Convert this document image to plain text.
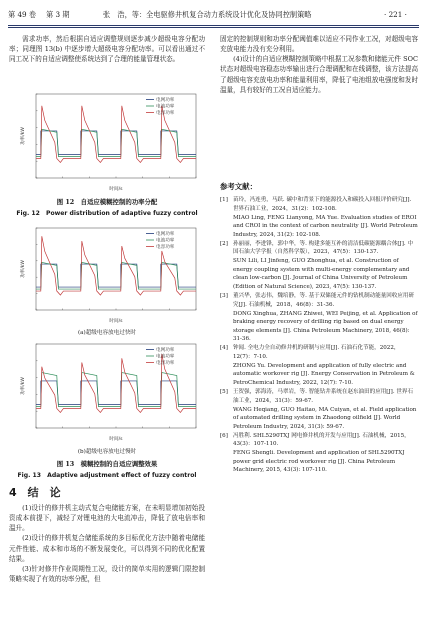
第 49 卷 第 3 期	张　浩，等：全电驱修井机复合动力系统设计优化及协同控制策略	· 221 ·

需求功率，然后根据自适应调整规则逐步减少超级电容分配功率；同理图 13(b) 中逐步增大超级电容分配功率。可以看出通过不同工况下的自适应调整使系统达到了合理的能量管理状态。

功率/kW
时间/s
电网功率
电池功率
电容功率
图 12　自适应模糊控制的功率分配
Fig. 12　Power distribution of adaptive fuzzy control
功率/kW
时间/s
电网功率
电池功率
电容功率
(a)超级电容放电过快时
功率/kW
时间/s
电网功率
电池功率
电容功率
(b)超级电容放电过慢时
图 13　模糊控制的自适应调整效果
Fig. 13　Adaptive adjustment effect of fuzzy control
4　结　论

(1)设计的修井机主动式复合电储能方案，在未明显增加初始投资成本前提下，减轻了对锂电池的大电流冲击，降低了放电倍率和温升。

(2)设计的修井机复合储能系统的多目标优化方法中随着电储能元件性能、成本和市场的不断发展变化，可以得到不同的优化配置结果。

(3)针对修井作业周期性工况，设计的简单实用的逻辑门限控制策略实现了有效的功率分配，但

固定的控制规则和功率分配阈值难以适应不同作业工况，对超级电容充放电能力没有充分利用。

(4)设计的自适应模糊控制策略中根据工况参数和储能元件 SOC 状态对超级电容稳态功率输出进行合理调配和在线调整，该方法提高了超级电容充放电功率和能量利用率，降低了电池组放电强度和发时温量，具有较好的工况自适应能力。

参考文献：
[1] 苗玲，冯连勇，马跃. 碳中和背景下的能源投入和碳投入回报评价研究[J]. 世界石油工业，2024，31(2)：102-108.
MIAO Ling, FENG Lianyong, MA Yue. Evaluation studies of EROI and CROI in the context of carbon neutrality [J]. World Petroleum Industry, 2024, 31(2): 102-108.
[2] 孙丽丽，李进锋，郭中华，等. 构建多能互补的清洁低碳能源耦合体[J]. 中国石油大学学报（自然科学版），2023，47(5)：130-137.
SUN Lili, LI Jinfeng, GUO Zhonghua, et al. Construction of energy coupling system with multi-energy complementary and clean low-carbon [J]. Journal of China University of Petroleum (Edition of Natural Science), 2023, 47(5): 130-137.
[3] 董兴华，张志伟，魏培静，等. 基于双储能元件的钻机制动能量回收应用研究[J]. 石油机械，2018，46(8)：31-36.
DONG Xinghua, ZHANG Zhiwei, WEI Peijing, et al. Application of braking energy recovery of drilling rig based on dual energy storage elements [J]. China Petroleum Machinery, 2018, 46(8): 31-36.
[4] 钟闻. 全电力全自动修井机的研制与应用[J]. 石油石化节能，2022，12(7)：7-10.
ZHONG Yu. Development and application of fully electric and automatic workover rig [J]. Energy Conservation in Petroleum & PetroChemical Industry, 2022, 12(7): 7-10.
[5] 王贺强，郭海涛，马翠岩，等. 智能钻井系统在赵东油田的应用[J]. 世界石油工业，2024，31(3)：59-67.
WANG Heqiang, GUO Haitao, MA Cuiyan, et al. Field application of automated drilling system in Zhaodong oilfield [J]. World Petroleum Industry, 2024, 31(3): 59-67.
[6] 冯胜利. SHL5290TXJ 网电修井机的开发与应用[J]. 石油机械，2015，43(3)：107-110.
FENG Shengli. Development and application of SHL5290TXJ power grid electric rod workover rig [J]. China Petroleum Machinery, 2015, 43(3): 107-110.
